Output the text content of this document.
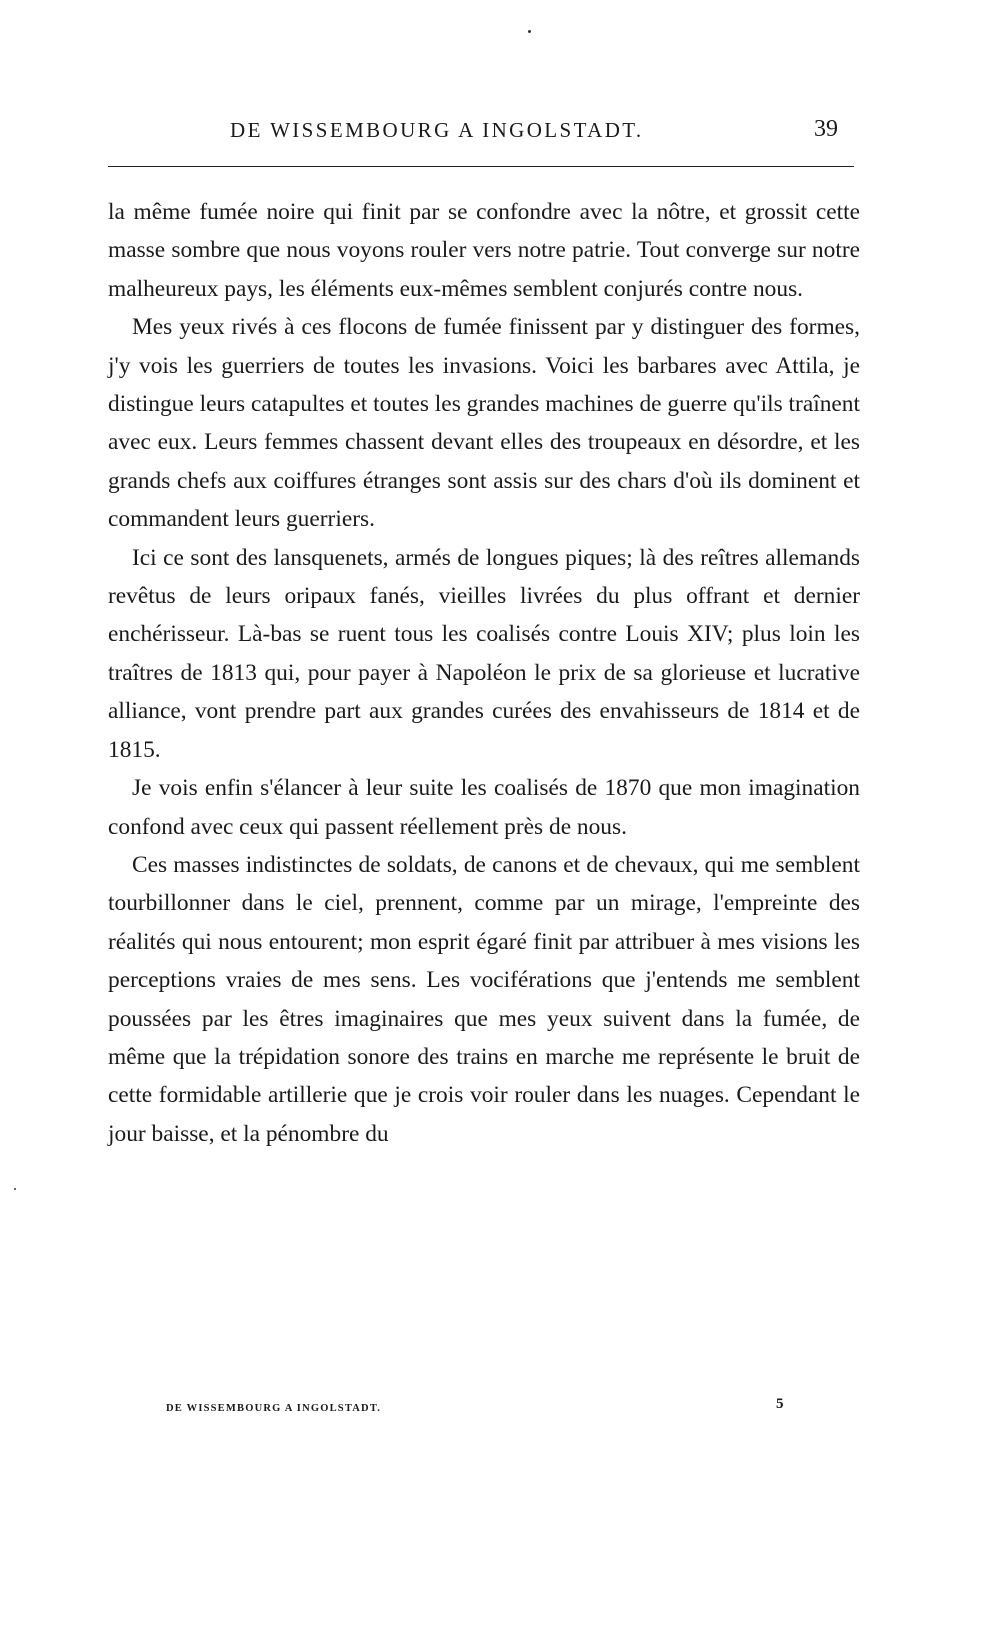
DE WISSEMBOURG A INGOLSTADT.	39

la même fumée noire qui finit par se confondre avec la nôtre, et grossit cette masse sombre que nous voyons rouler vers notre patrie. Tout converge sur notre malheureux pays, les éléments eux-mêmes semblent conjurés contre nous.

Mes yeux rivés à ces flocons de fumée finissent par y distinguer des formes, j'y vois les guerriers de toutes les invasions. Voici les barbares avec Attila, je distingue leurs catapultes et toutes les grandes machines de guerre qu'ils traînent avec eux. Leurs femmes chassent devant elles des troupeaux en désordre, et les grands chefs aux coiffures étranges sont assis sur des chars d'où ils dominent et commandent leurs guerriers.

Ici ce sont des lansquenets, armés de longues piques; là des reîtres allemands revêtus de leurs oripaux fanés, vieilles livrées du plus offrant et dernier enchérisseur. Là-bas se ruent tous les coalisés contre Louis XIV; plus loin les traîtres de 1813 qui, pour payer à Napoléon le prix de sa glorieuse et lucrative alliance, vont prendre part aux grandes curées des envahisseurs de 1814 et de 1815.

Je vois enfin s'élancer à leur suite les coalisés de 1870 que mon imagination confond avec ceux qui passent réellement près de nous.

Ces masses indistinctes de soldats, de canons et de chevaux, qui me semblent tourbillonner dans le ciel, prennent, comme par un mirage, l'empreinte des réalités qui nous entourent; mon esprit égaré finit par attribuer à mes visions les perceptions vraies de mes sens. Les vociférations que j'entends me semblent poussées par les êtres imaginaires que mes yeux suivent dans la fumée, de même que la trépidation sonore des trains en marche me représente le bruit de cette formidable artillerie que je crois voir rouler dans les nuages. Cependant le jour baisse, et la pénombre du

DE WISSEMBOURG A INGOLSTADT.	5
